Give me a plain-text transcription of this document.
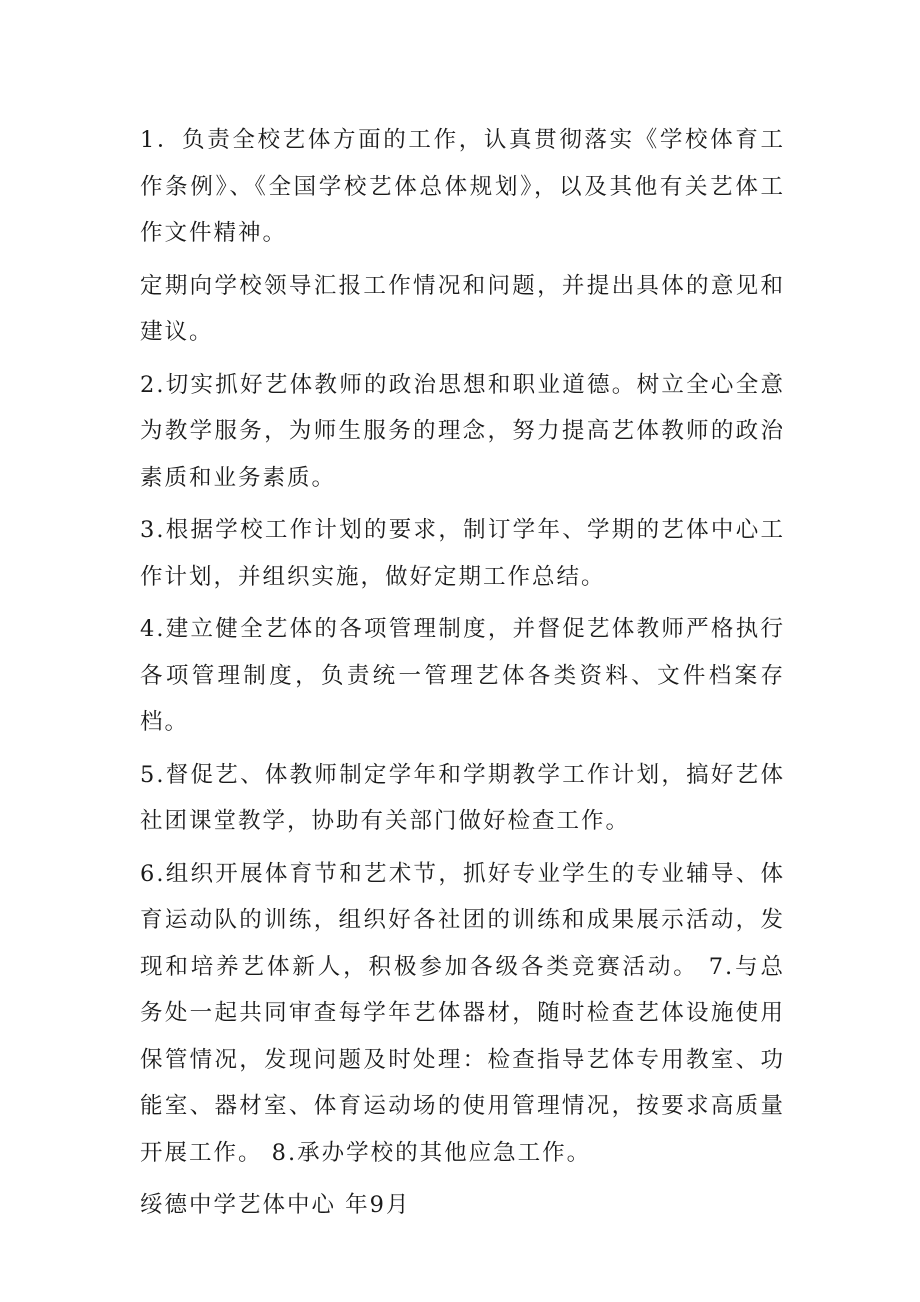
1．负责全校艺体方面的工作，认真贯彻落实《学校体育工作条例》、《全国学校艺体总体规划》，以及其他有关艺体工作文件精神。

定期向学校领导汇报工作情况和问题，并提出具体的意见和建议。

2.切实抓好艺体教师的政治思想和职业道德。树立全心全意为教学服务，为师生服务的理念，努力提高艺体教师的政治素质和业务素质。

3.根据学校工作计划的要求，制订学年、学期的艺体中心工作计划，并组织实施，做好定期工作总结。

4.建立健全艺体的各项管理制度，并督促艺体教师严格执行各项管理制度，负责统一管理艺体各类资料、文件档案存档。

5.督促艺、体教师制定学年和学期教学工作计划，搞好艺体社团课堂教学，协助有关部门做好检查工作。

6.组织开展体育节和艺术节，抓好专业学生的专业辅导、体育运动队的训练，组织好各社团的训练和成果展示活动，发现和培养艺体新人，积极参加各级各类竞赛活动。 7.与总务处一起共同审查每学年艺体器材，随时检查艺体设施使用保管情况，发现问题及时处理：检查指导艺体专用教室、功能室、器材室、体育运动场的使用管理情况，按要求高质量开展工作。 8.承办学校的其他应急工作。

绥德中学艺体中心 年9月
